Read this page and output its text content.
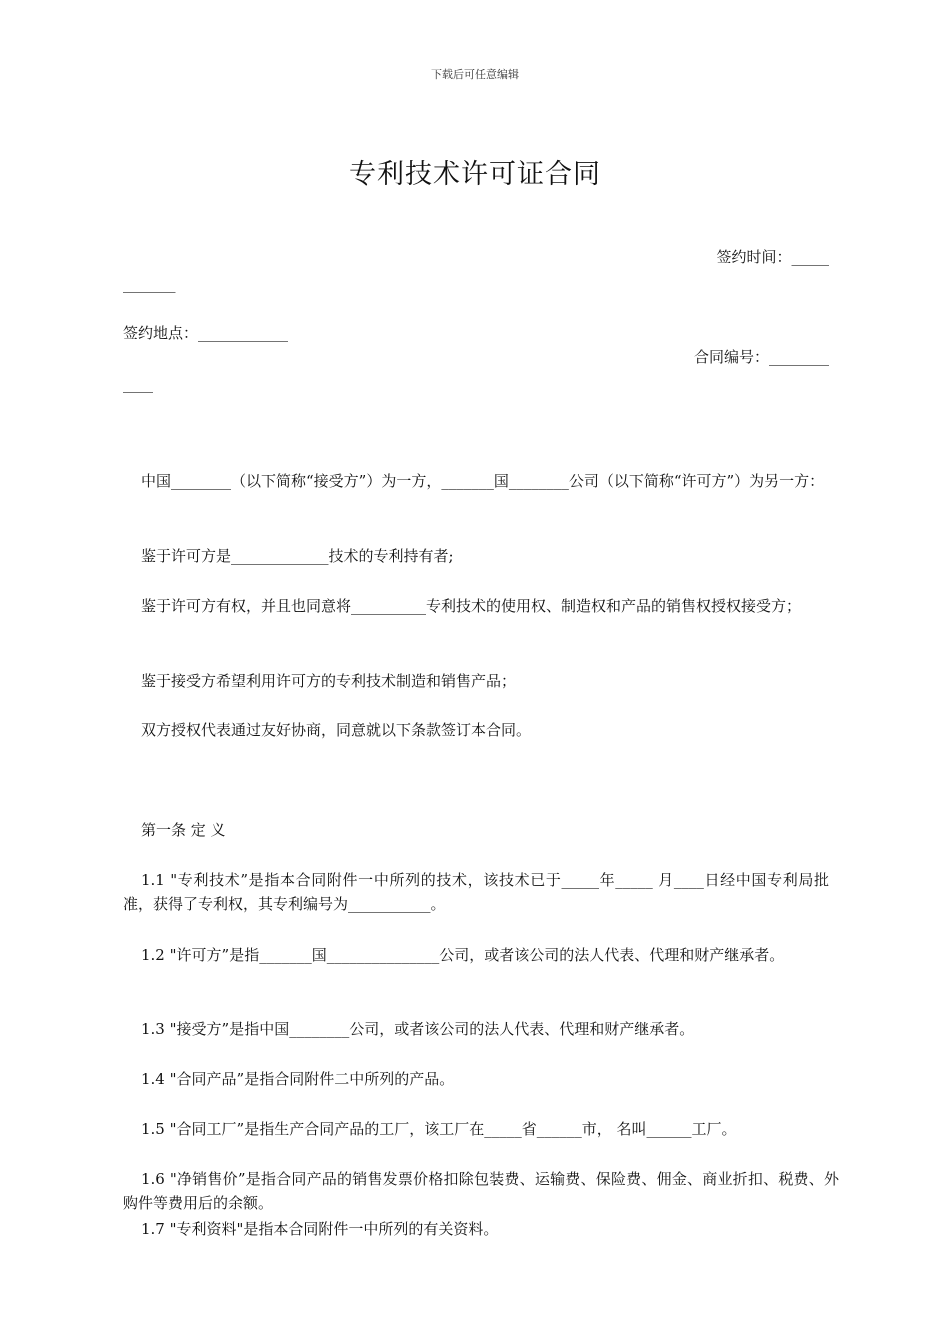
下载后可任意编辑
专利技术许可证合同
签约时间：_____
_______
签约地点：____________
合同编号：________
____
中国________（以下简称“接受方”）为一方，_______国________公司（以下简称“许可方”）为另一方：
鉴于许可方是_____________技术的专利持有者;
鉴于许可方有权，并且也同意将__________专利技术的使用权、制造权和产品的销售权授权接受方；
鉴于接受方希望利用许可方的专利技术制造和销售产品；
双方授权代表通过友好协商，同意就以下条款签订本合同。
第一条 定 义
1.1 "专利技术”是指本合同附件一中所列的技术，该技术已于_____年_____ 月____日经中国专利局批准，获得了专利权，其专利编号为___________。
1.2 "许可方”是指_______国_______________公司，或者该公司的法人代表、代理和财产继承者。
1.3 "接受方”是指中国________公司，或者该公司的法人代表、代理和财产继承者。
1.4 "合同产品”是指合同附件二中所列的产品。
1.5 "合同工厂”是指生产合同产品的工厂，该工厂在_____省______市， 名叫______工厂。
1.6 "净销售价”是指合同产品的销售发票价格扣除包装费、运输费、保险费、佣金、商业折扣、税费、外购件等费用后的余额。
1.7 "专利资料"是指本合同附件一中所列的有关资料。
